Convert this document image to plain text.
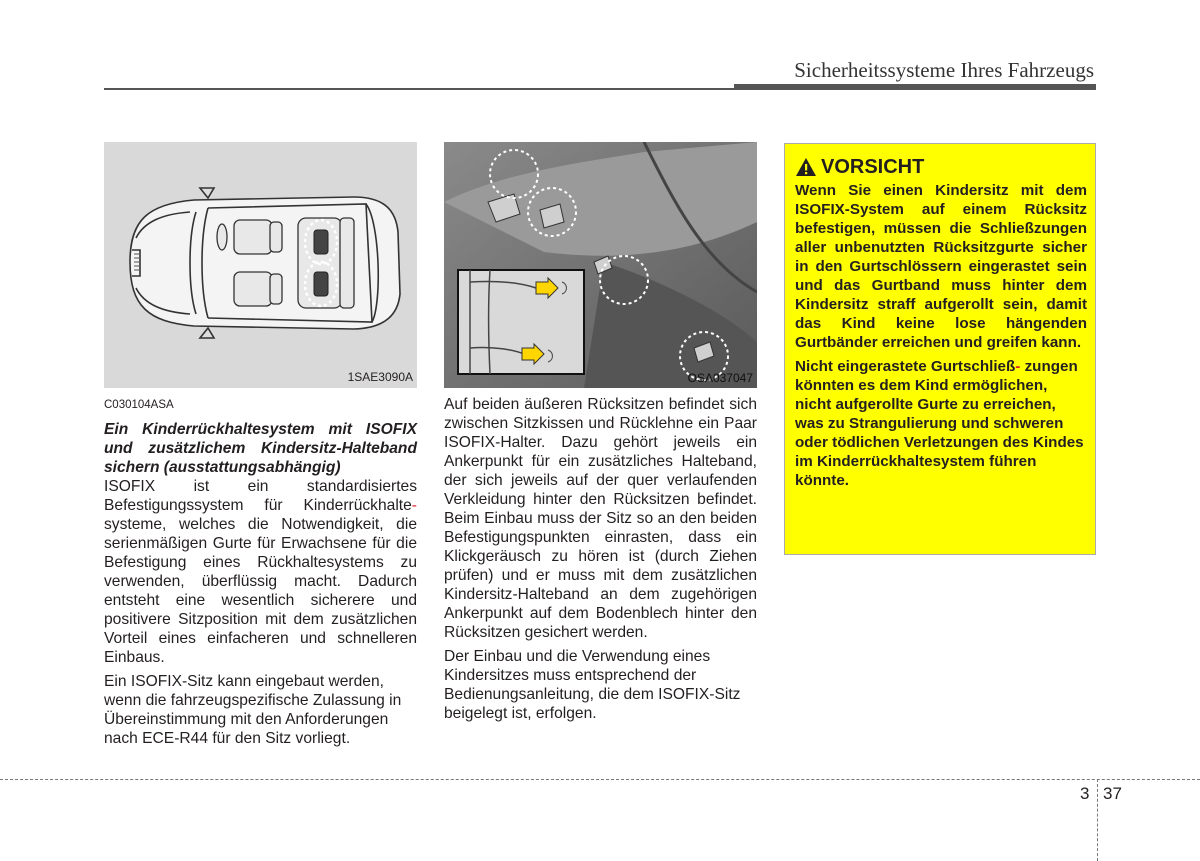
Sicherheitssysteme Ihres Fahrzeugs
1SAE3090A	OSA037047
C030104ASA

Ein Kinderrückhaltesystem mit ISOFIX und zusätzlichem Kindersitz-Halteband sichern (ausstattungsabhängig)

ISOFIX ist ein standardisiertes Befestigungssystem für Kinderrückhalte- systeme, welches die Notwendigkeit, die serienmäßigen Gurte für Erwachsene für die Befestigung eines Rückhaltesystems zu verwenden, überflüssig macht. Dadurch entsteht eine wesentlich sicherere und positivere Sitzposition mit dem zusätzlichen Vorteil eines einfacheren und schnelleren Einbaus.

Ein ISOFIX-Sitz kann eingebaut werden, wenn die fahrzeugspezifische Zulassung in Übereinstimmung mit den Anforderungen nach ECE-R44 für den Sitz vorliegt.

Auf beiden äußeren Rücksitzen befindet sich zwischen Sitzkissen und Rücklehne ein Paar ISOFIX-Halter. Dazu gehört jeweils ein Ankerpunkt für ein zusätzliches Halteband, der sich jeweils auf der quer verlaufenden Verkleidung hinter den Rücksitzen befindet. Beim Einbau muss der Sitz so an den beiden Befestigungspunkten einrasten, dass ein Klickgeräusch zu hören ist (durch Ziehen prüfen) und er muss mit dem zusätzlichen Kindersitz-Halteband an dem zugehörigen Ankerpunkt auf dem Bodenblech hinter den Rücksitzen gesichert werden.

Der Einbau und die Verwendung eines Kindersitzes muss entsprechend der Bedienungsanleitung, die dem ISOFIX-Sitz beigelegt ist, erfolgen.

VORSICHT

Wenn Sie einen Kindersitz mit dem ISOFIX-System auf einem Rücksitz befestigen, müssen die Schließzungen aller unbenutzten Rücksitzgurte sicher in den Gurtschlössern eingerastet sein und das Gurtband muss hinter dem Kindersitz straff aufgerollt sein, damit das Kind keine lose hängenden Gurtbänder erreichen und greifen kann.

Nicht eingerastete Gurtschließ- zungen könnten es dem Kind ermöglichen, nicht aufgerollte Gurte zu erreichen, was zu Strangulierung und schweren oder tödlichen Verletzungen des Kindes im Kinderrückhaltesystem führen könnte.

3 37
